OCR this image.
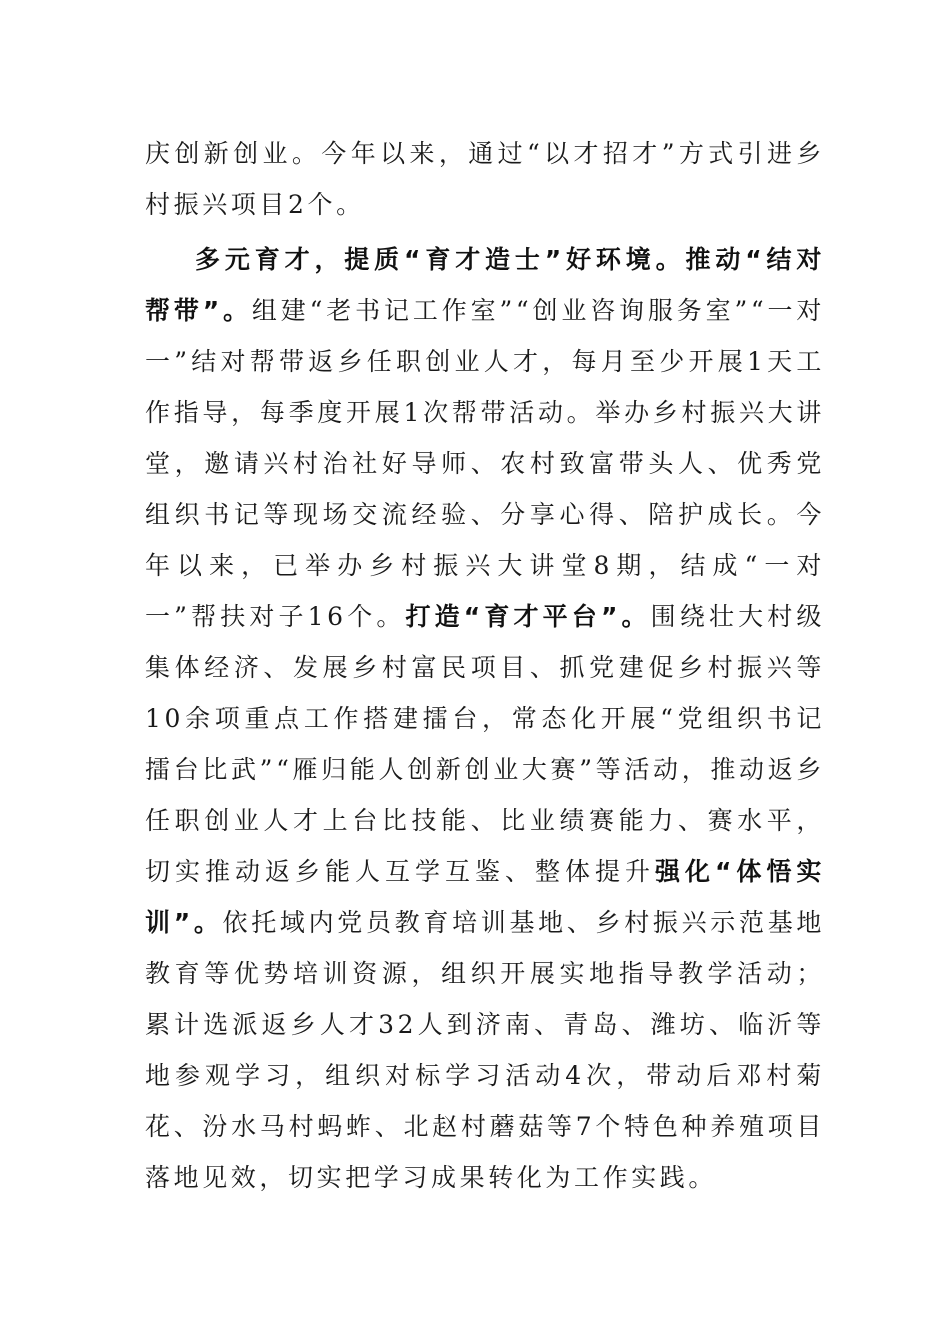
庆创新创业。今年以来，通过“以才招才”方式引进乡村振兴项目2个。

多元育才，提质“育才造士”好环境。推动“结对帮带”。组建“老书记工作室”“创业咨询服务室”“一对一”结对帮带返乡任职创业人才，每月至少开展1天工作指导，每季度开展1次帮带活动。举办乡村振兴大讲堂，邀请兴村治社好导师、农村致富带头人、优秀党组织书记等现场交流经验、分享心得、陪护成长。今年以来，已举办乡村振兴大讲堂8期，结成“一对一”帮扶对子16个。打造“育才平台”。围绕壮大村级集体经济、发展乡村富民项目、抓党建促乡村振兴等10余项重点工作搭建擂台，常态化开展“党组织书记擂台比武”“雁归能人创新创业大赛”等活动，推动返乡任职创业人才上台比技能、比业绩赛能力、赛水平，切实推动返乡能人互学互鉴、整体提升强化“体悟实训”。依托域内党员教育培训基地、乡村振兴示范基地教育等优势培训资源，组织开展实地指导教学活动；累计选派返乡人才32人到济南、青岛、潍坊、临沂等地参观学习，组织对标学习活动4次，带动后邓村菊花、汾水马村蚂蚱、北赵村蘑菇等7个特色种养殖项目落地见效，切实把学习成果转化为工作实践。
